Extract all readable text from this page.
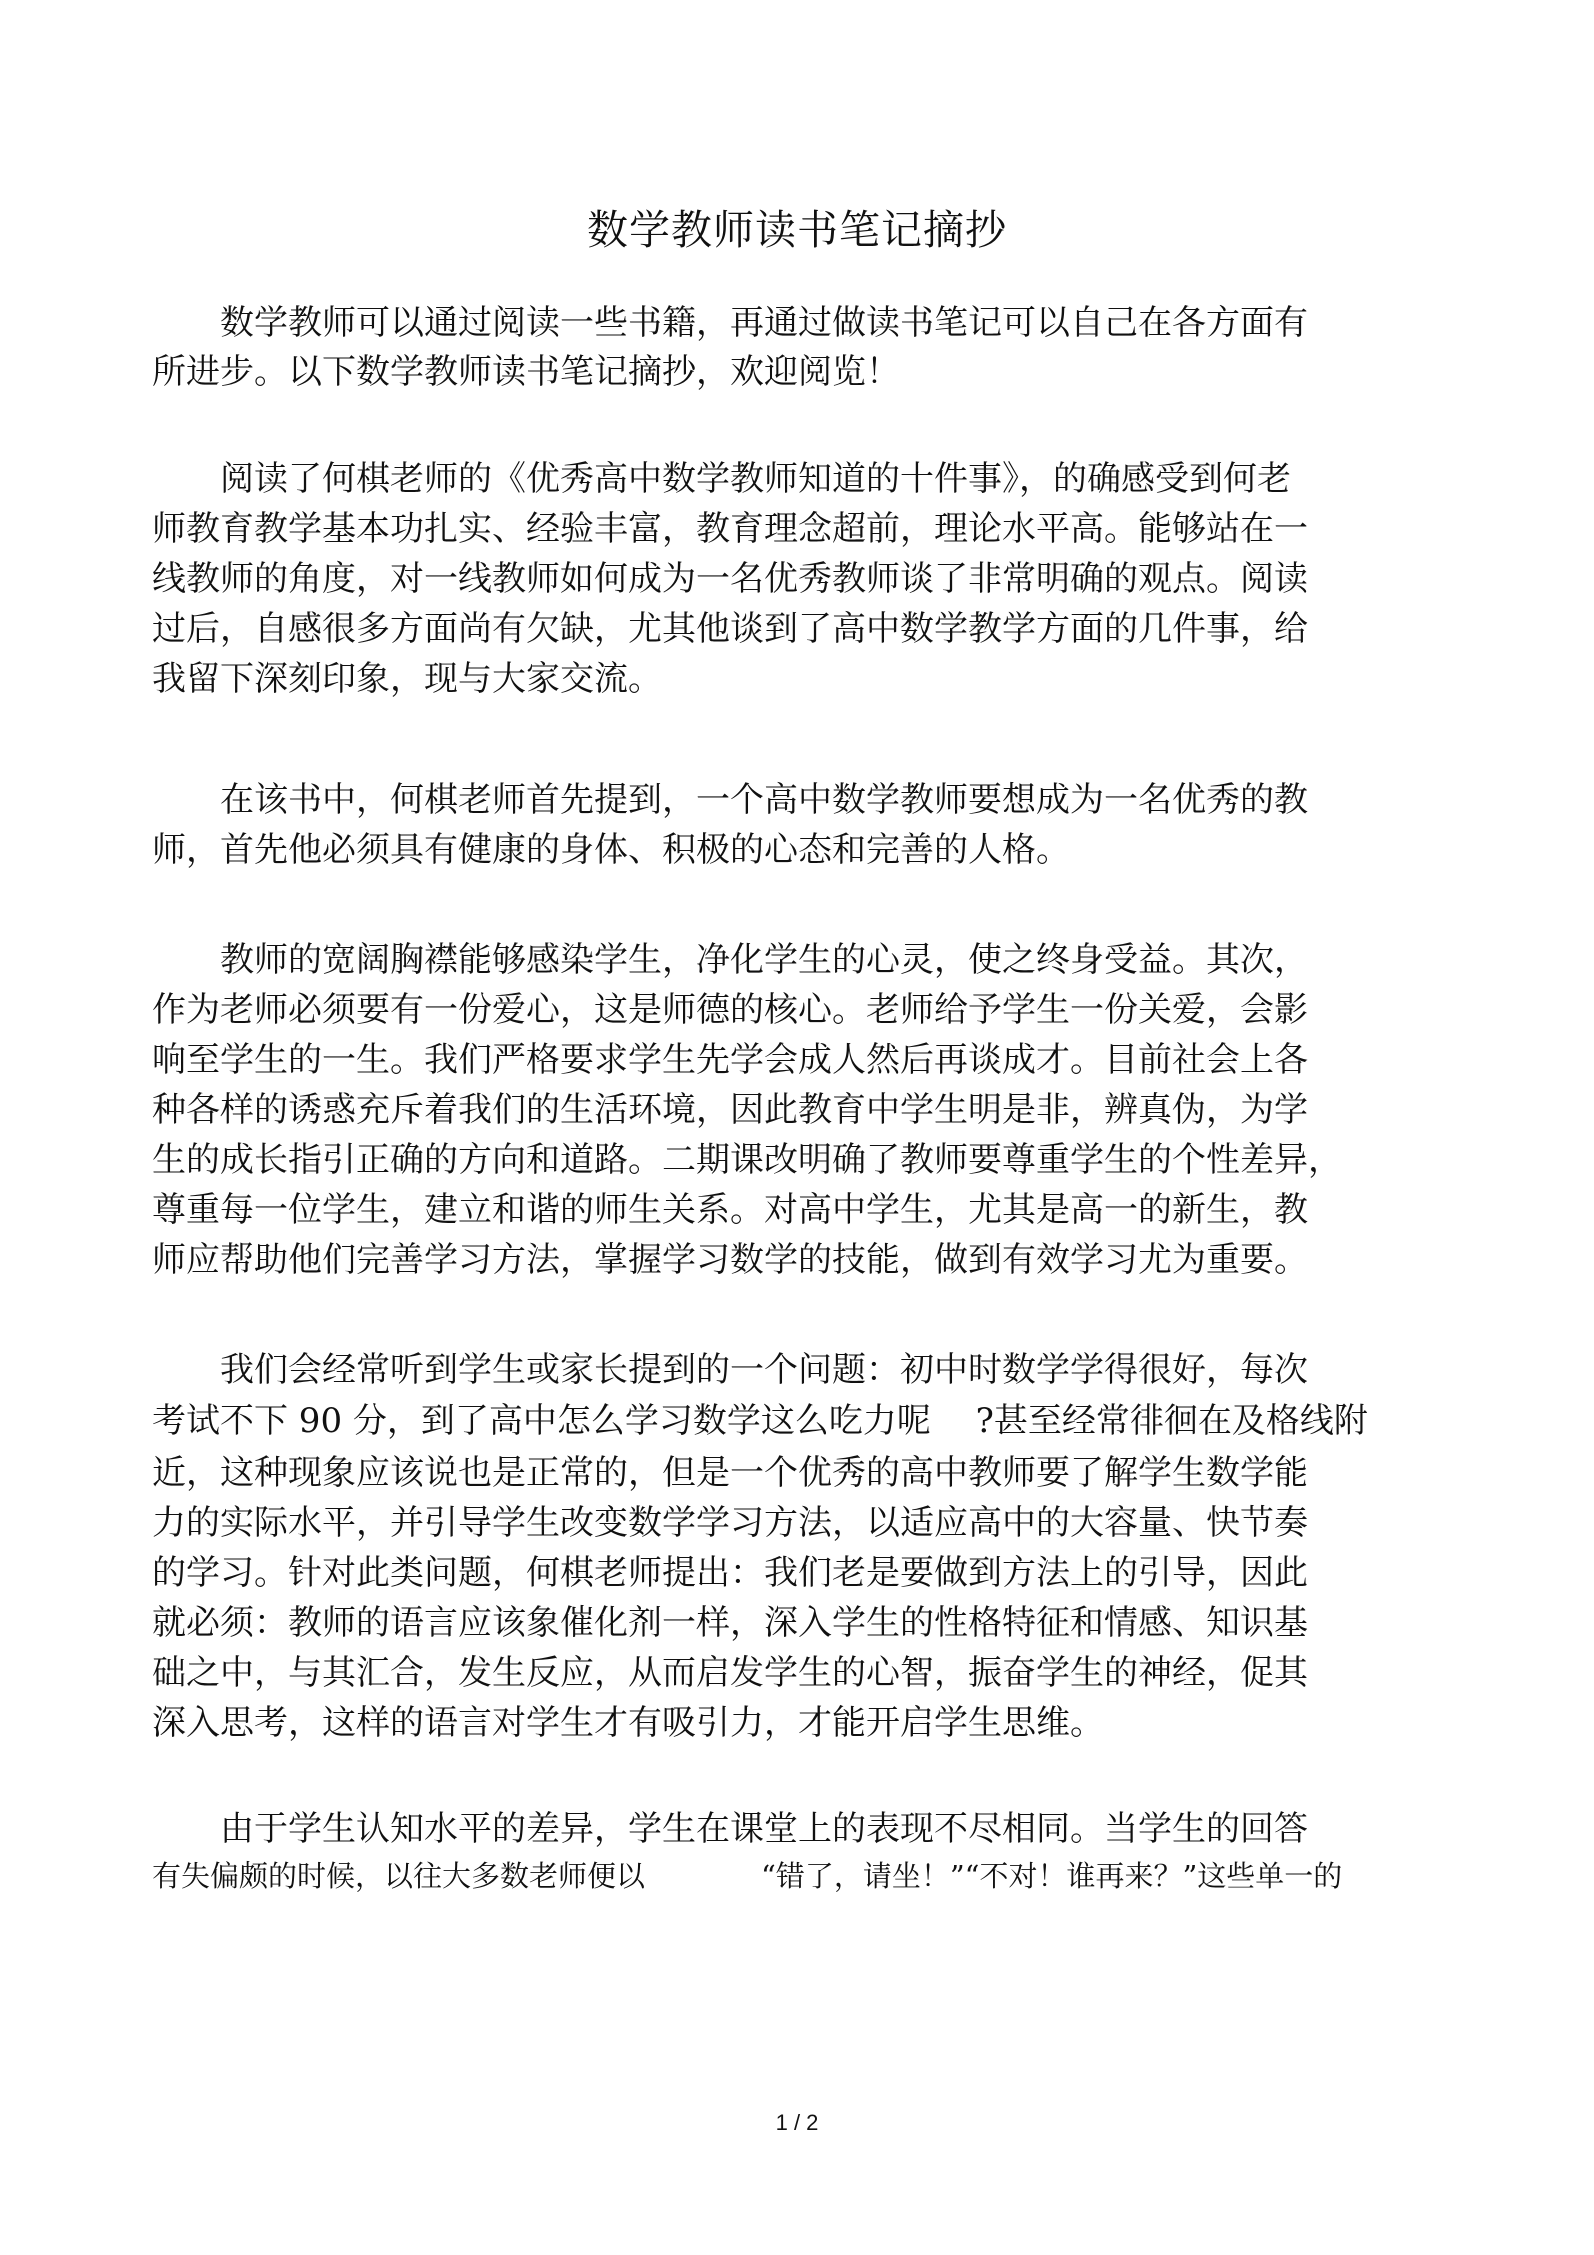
数学教师读书笔记摘抄

数学教师可以通过阅读一些书籍，再通过做读书笔记可以自己在各方面有

所进步。以下数学教师读书笔记摘抄，欢迎阅览！

阅读了何棋老师的《优秀高中数学教师知道的十件事》，的确感受到何老

师教育教学基本功扎实、经验丰富，教育理念超前，理论水平高。能够站在一

线教师的角度，对一线教师如何成为一名优秀教师谈了非常明确的观点。阅读

过后，自感很多方面尚有欠缺，尤其他谈到了高中数学教学方面的几件事，给

我留下深刻印象，现与大家交流。

在该书中，何棋老师首先提到，一个高中数学教师要想成为一名优秀的教

师，首先他必须具有健康的身体、积极的心态和完善的人格。

教师的宽阔胸襟能够感染学生，净化学生的心灵，使之终身受益。其次，

作为老师必须要有一份爱心，这是师德的核心。老师给予学生一份关爱，会影

响至学生的一生。我们严格要求学生先学会成人然后再谈成才。目前社会上各

种各样的诱惑充斥着我们的生活环境，因此教育中学生明是非，辨真伪，为学

生的成长指引正确的方向和道路。二期课改明确了教师要尊重学生的个性差异，

尊重每一位学生，建立和谐的师生关系。对高中学生，尤其是高一的新生，教

师应帮助他们完善学习方法，掌握学习数学的技能，做到有效学习尤为重要。

我们会经常听到学生或家长提到的一个问题：初中时数学学得很好，每次

考试不下 90 分，到了高中怎么学习数学这么吃力呢　 ?甚至经常徘徊在及格线附

近，这种现象应该说也是正常的，但是一个优秀的高中教师要了解学生数学能

力的实际水平，并引导学生改变数学学习方法，以适应高中的大容量、快节奏

的学习。针对此类问题，何棋老师提出：我们老是要做到方法上的引导，因此

就必须：教师的语言应该象催化剂一样，深入学生的性格特征和情感、知识基

础之中，与其汇合，发生反应，从而启发学生的心智，振奋学生的神经，促其

深入思考，这样的语言对学生才有吸引力，才能开启学生思维。

由于学生认知水平的差异，学生在课堂上的表现不尽相同。当学生的回答

有失偏颇的时候，以往大多数老师便以　　　　“错了，请坐！”“不对！谁再来？”这些单一的

1 / 2
